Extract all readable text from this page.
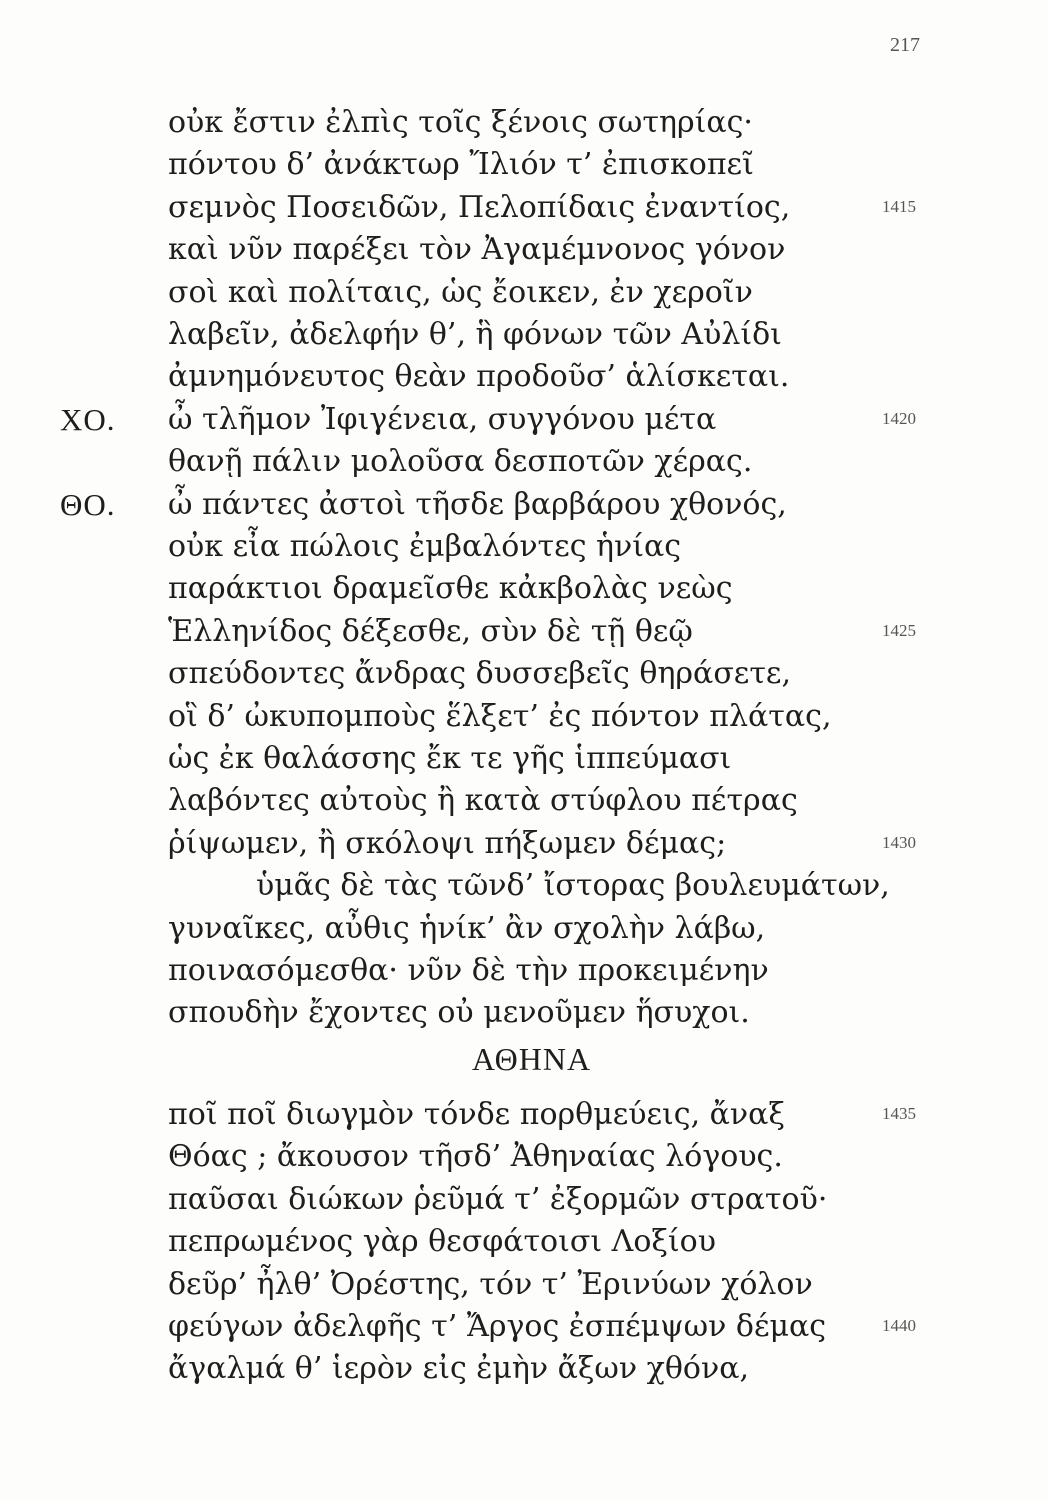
217
οὐκ ἔστιν ἐλπὶς τοῖς ξένοις σωτηρίας·
πόντου δ’ ἀνάκτωρ Ἴλιόν τ’ ἐπισκοπεῖ
σεμνὸς Ποσειδῶν, Πελοπίδαις ἐναντίος,	1415
καὶ νῦν παρέξει τὸν Ἀγαμέμνονος γόνον
σοὶ καὶ πολίταις, ὡς ἔοικεν, ἐν χεροῖν
λαβεῖν, ἀδελφήν θ’, ἣ φόνων τῶν Αὐλίδι
ἀμνημόνευτος θεὰν προδοῦσ’ ἁλίσκεται.
ΧΟ. ὦ τλῆμον Ἰφιγένεια, συγγόνου μέτα	1420
θανῇ πάλιν μολοῦσα δεσποτῶν χέρας.
ΘΟ. ὦ πάντες ἀστοὶ τῆσδε βαρβάρου χθονός,
οὐκ εἶα πώλοις ἐμβαλόντες ἡνίας
παράκτιοι δραμεῖσθε κἀκβολὰς νεὼς
Ἑλληνίδος δέξεσθε, σὺν δὲ τῇ θεῷ	1425
σπεύδοντες ἄνδρας δυσσεβεῖς θηράσετε,
οἳ δ’ ὠκυπομποὺς ἕλξετ’ ἐς πόντον πλάτας,
ὡς ἐκ θαλάσσης ἔκ τε γῆς ἱππεύμασι
λαβόντες αὐτοὺς ἢ κατὰ στύφλου πέτρας
ῥίψωμεν, ἢ σκόλοψι πήξωμεν δέμας;	1430
ὑμᾶς δὲ τὰς τῶνδ’ ἴστορας βουλευμάτων,
γυναῖκες, αὖθις ἡνίκ’ ἂν σχολὴν λάβω,
ποινασόμεσθα· νῦν δὲ τὴν προκειμένην
σπουδὴν ἔχοντες οὐ μενοῦμεν ἥσυχοι.
ποῖ ποῖ διωγμὸν τόνδε πορθμεύεις, ἄναξ	1435
Θόας ; ἄκουσον τῆσδ’ Ἀθηναίας λόγους.
παῦσαι διώκων ῥεῦμά τ’ ἐξορμῶν στρατοῦ·
πεπρωμένος γὰρ θεσφάτοισι Λοξίου
δεῦρ’ ἦλθ’ Ὀρέστης, τόν τ’ Ἐρινύων χόλον
φεύγων ἀδελφῆς τ’ Ἄργος ἐσπέμψων δέμας	1440
ἄγαλμά θ’ ἱερὸν εἰς ἐμὴν ἄξων χθόνα,
ΑΘΗΝΑ
